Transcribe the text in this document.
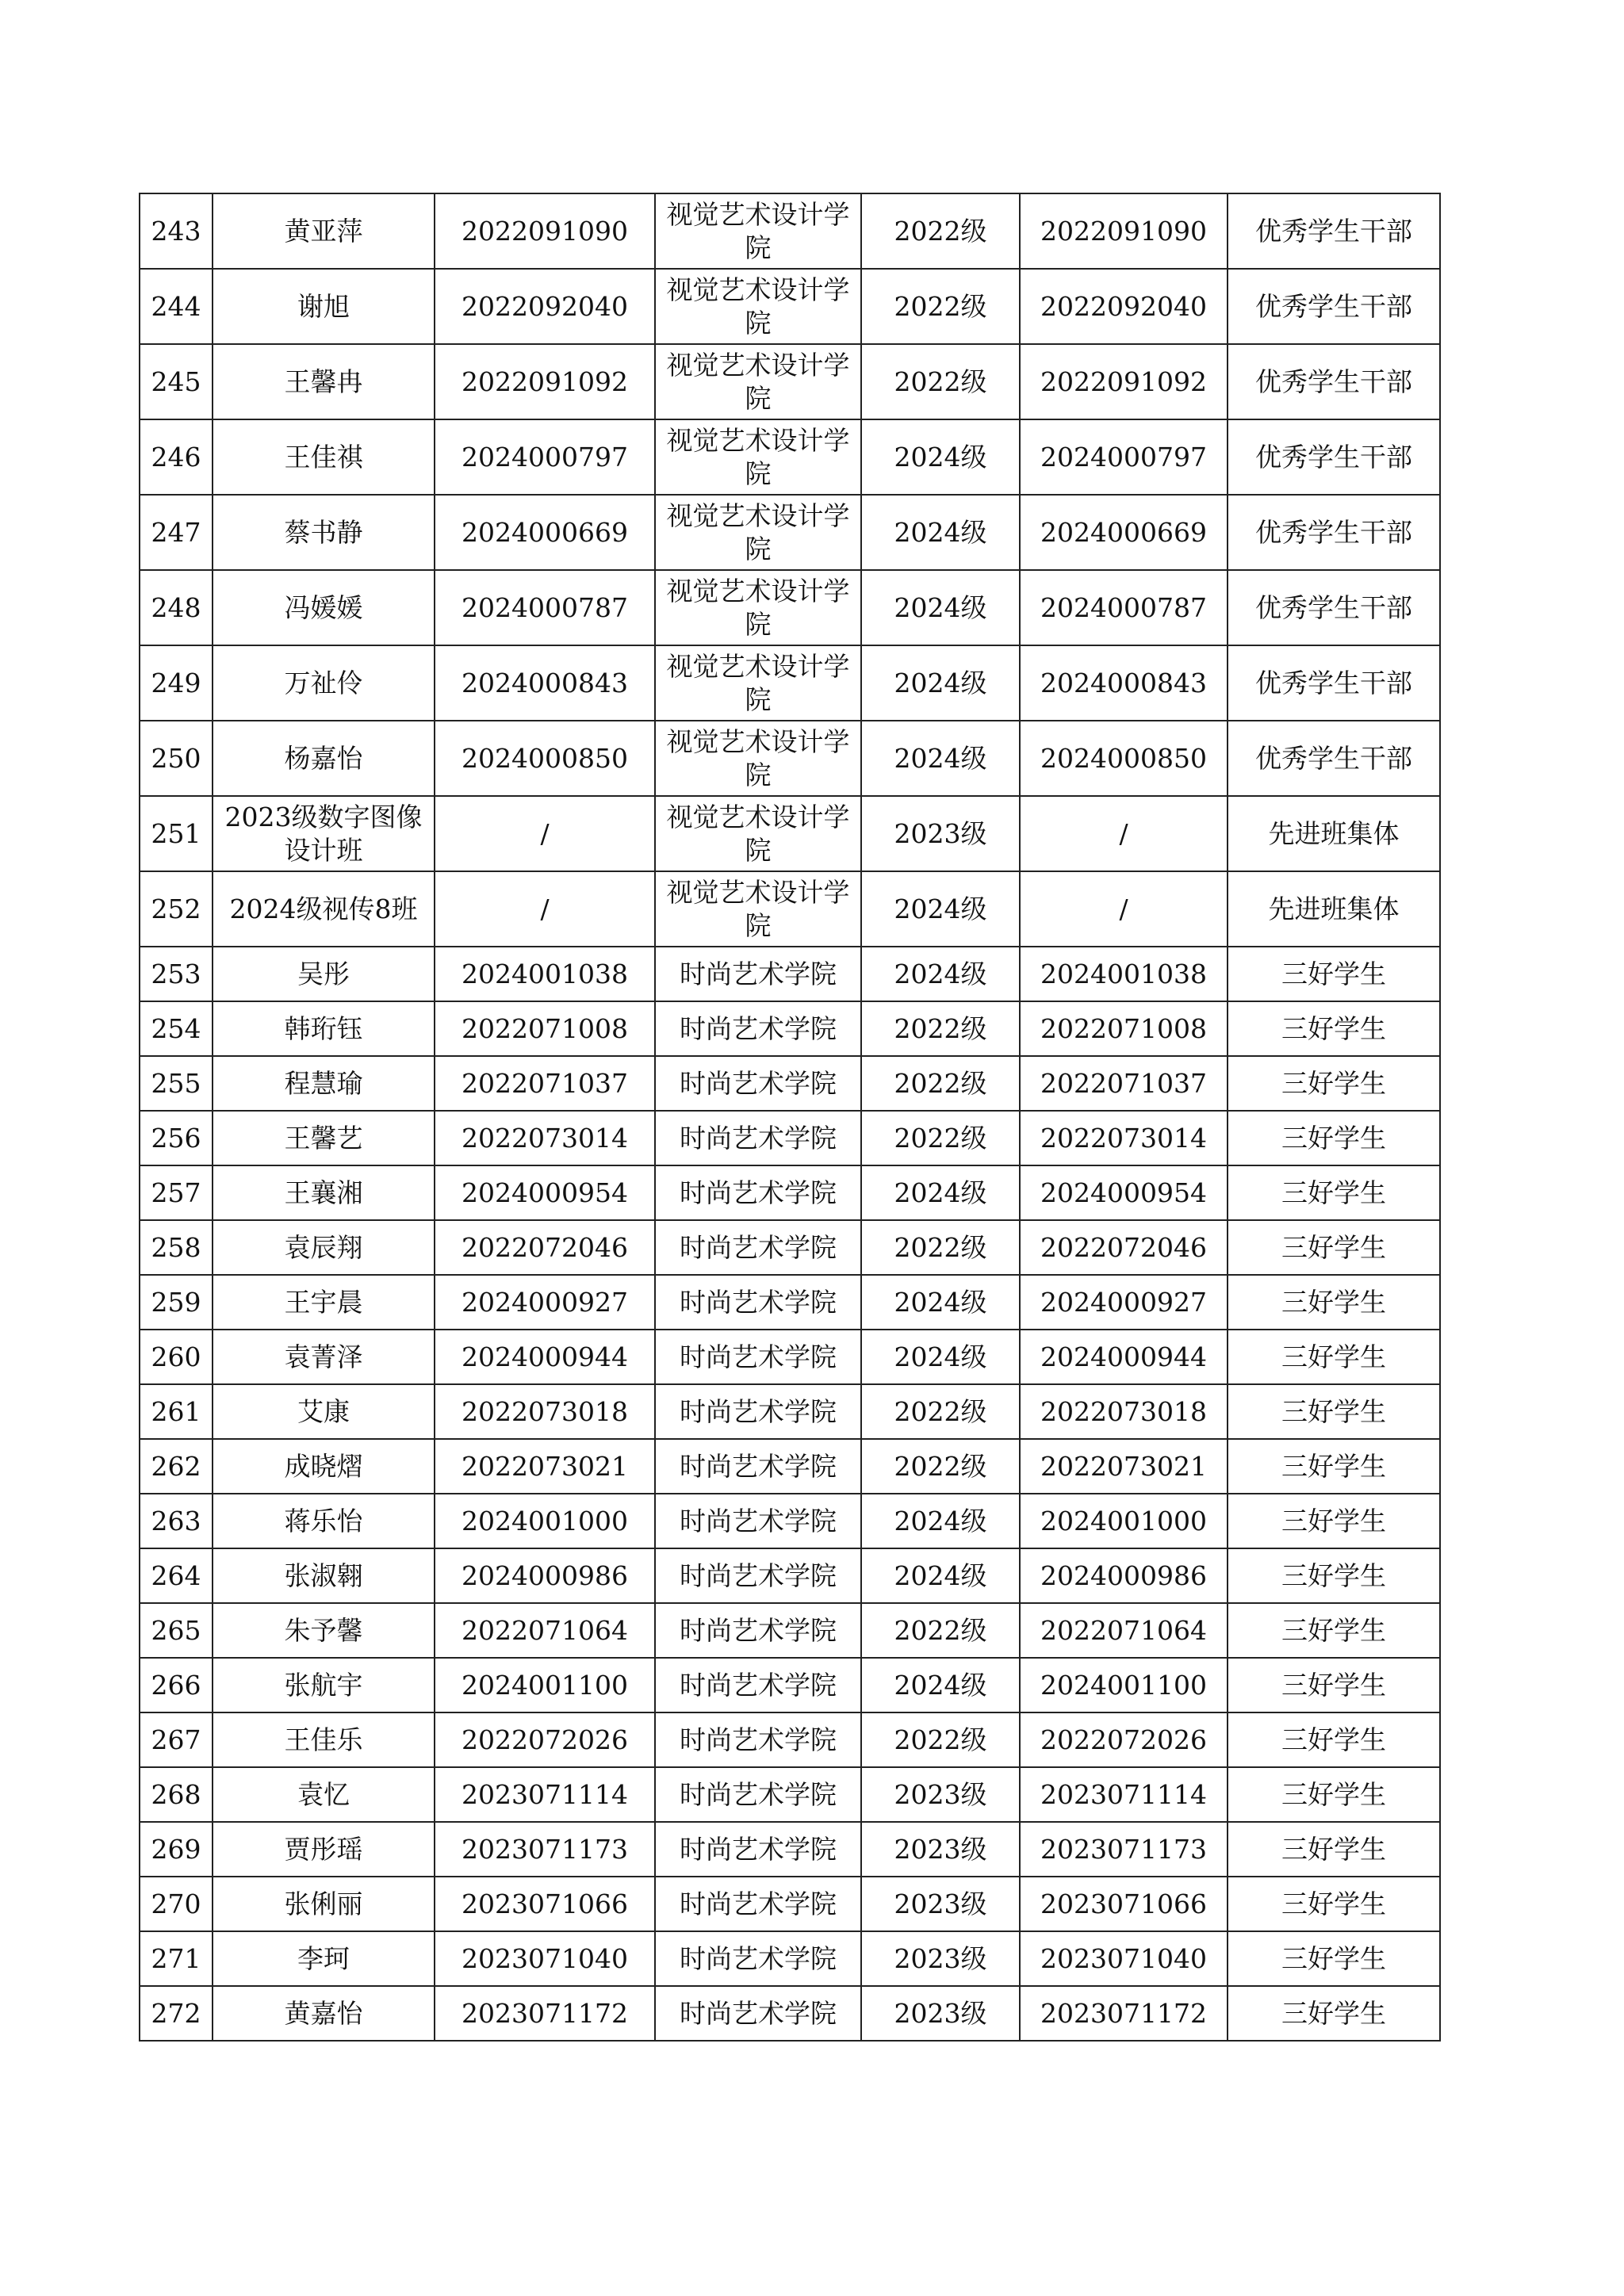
243	黄亚萍	2022091090	视觉艺术设计学院	2022级	2022091090	优秀学生干部
244	谢旭	2022092040	视觉艺术设计学院	2022级	2022092040	优秀学生干部
245	王馨冉	2022091092	视觉艺术设计学院	2022级	2022091092	优秀学生干部
246	王佳祺	2024000797	视觉艺术设计学院	2024级	2024000797	优秀学生干部
247	蔡书静	2024000669	视觉艺术设计学院	2024级	2024000669	优秀学生干部
248	冯媛媛	2024000787	视觉艺术设计学院	2024级	2024000787	优秀学生干部
249	万祉伶	2024000843	视觉艺术设计学院	2024级	2024000843	优秀学生干部
250	杨嘉怡	2024000850	视觉艺术设计学院	2024级	2024000850	优秀学生干部
251	2023级数字图像设计班	/	视觉艺术设计学院	2023级	/	先进班集体
252	2024级视传8班	/	视觉艺术设计学院	2024级	/	先进班集体
253	吴彤	2024001038	时尚艺术学院	2024级	2024001038	三好学生
254	韩珩钰	2022071008	时尚艺术学院	2022级	2022071008	三好学生
255	程慧瑜	2022071037	时尚艺术学院	2022级	2022071037	三好学生
256	王馨艺	2022073014	时尚艺术学院	2022级	2022073014	三好学生
257	王襄湘	2024000954	时尚艺术学院	2024级	2024000954	三好学生
258	袁辰翔	2022072046	时尚艺术学院	2022级	2022072046	三好学生
259	王宇晨	2024000927	时尚艺术学院	2024级	2024000927	三好学生
260	袁菁泽	2024000944	时尚艺术学院	2024级	2024000944	三好学生
261	艾康	2022073018	时尚艺术学院	2022级	2022073018	三好学生
262	成晓熠	2022073021	时尚艺术学院	2022级	2022073021	三好学生
263	蒋乐怡	2024001000	时尚艺术学院	2024级	2024001000	三好学生
264	张淑翱	2024000986	时尚艺术学院	2024级	2024000986	三好学生
265	朱予馨	2022071064	时尚艺术学院	2022级	2022071064	三好学生
266	张航宇	2024001100	时尚艺术学院	2024级	2024001100	三好学生
267	王佳乐	2022072026	时尚艺术学院	2022级	2022072026	三好学生
268	袁忆	2023071114	时尚艺术学院	2023级	2023071114	三好学生
269	贾彤瑶	2023071173	时尚艺术学院	2023级	2023071173	三好学生
270	张俐丽	2023071066	时尚艺术学院	2023级	2023071066	三好学生
271	李珂	2023071040	时尚艺术学院	2023级	2023071040	三好学生
272	黄嘉怡	2023071172	时尚艺术学院	2023级	2023071172	三好学生
